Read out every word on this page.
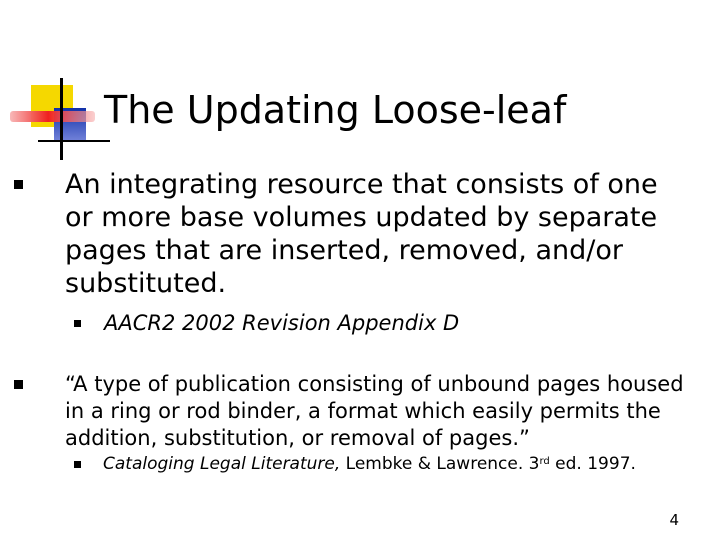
The Updating Loose-leaf
An integrating resource that consists of one
or more base volumes updated by separate
pages that are inserted, removed, and/or
substituted.
AACR2 2002 Revision Appendix D
“A type of publication consisting of unbound pages housed
in a ring or rod binder, a format which easily permits the
addition, substitution, or removal of pages.”
Cataloging Legal Literature, Lembke & Lawrence. 3rd ed. 1997.
4
